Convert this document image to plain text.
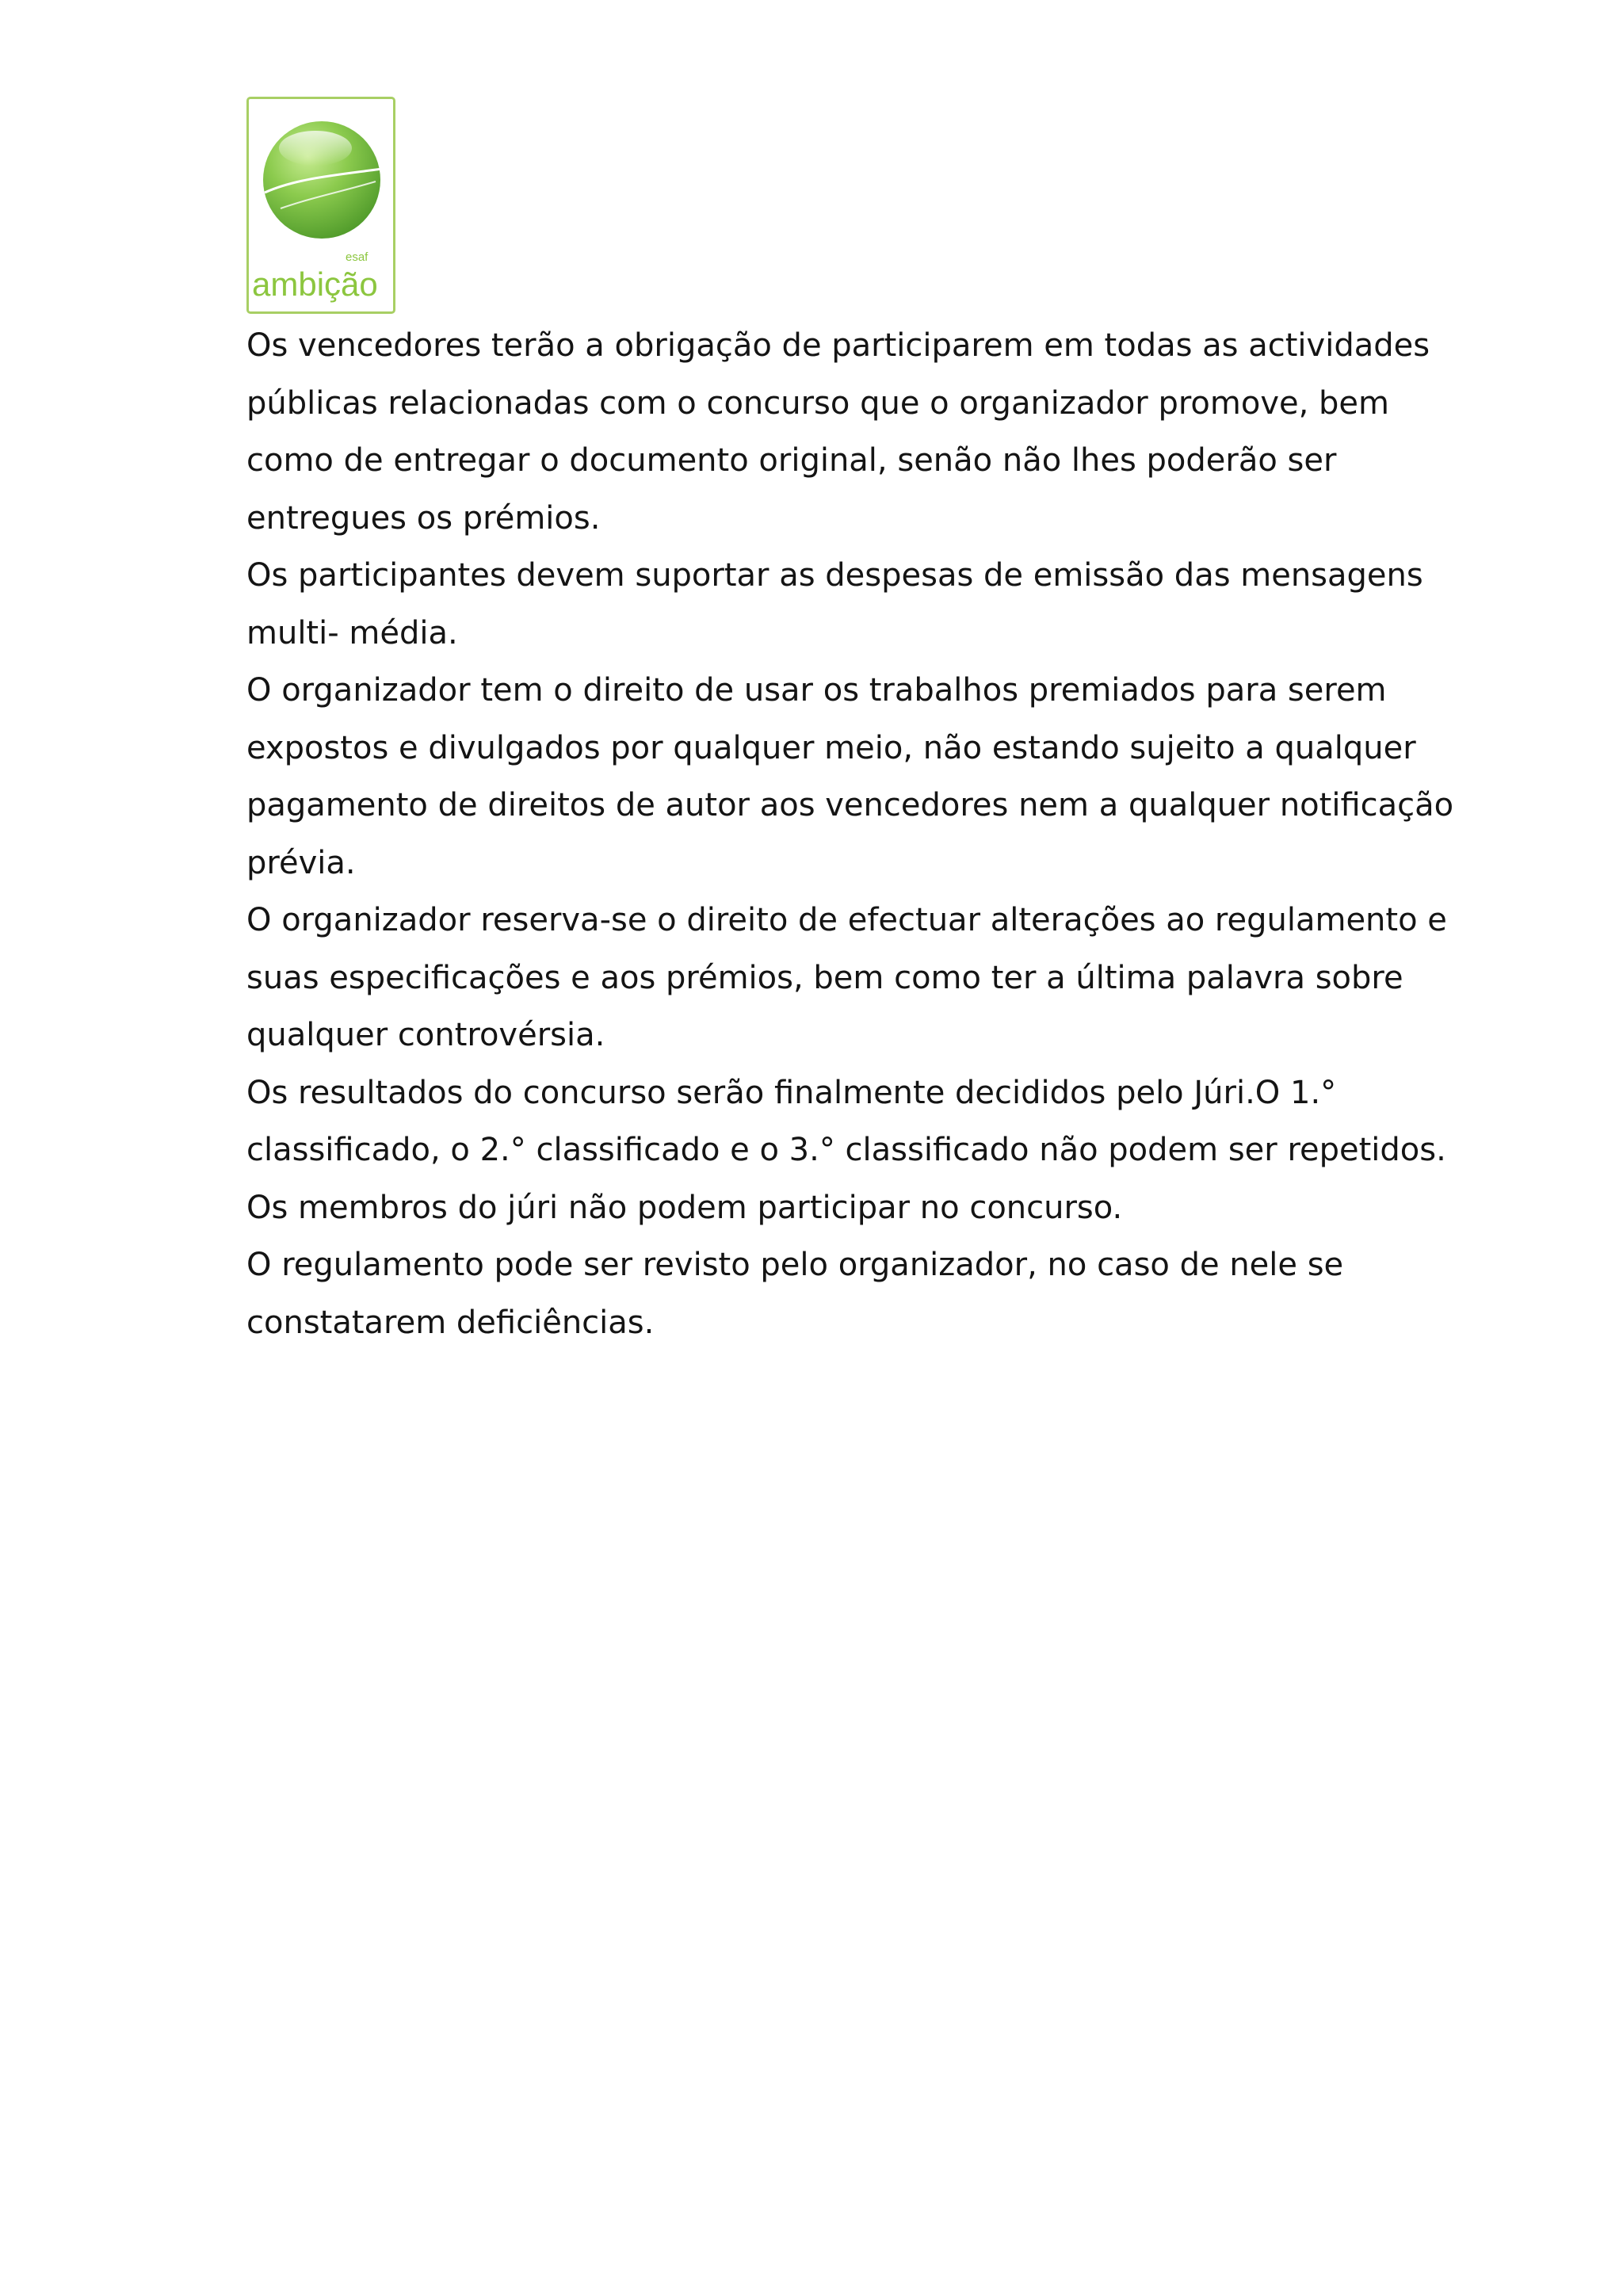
esaf
ambição
Os vencedores terão a obrigação de participarem em todas as actividades
públicas relacionadas com o concurso que o organizador promove, bem
como de entregar o documento original, senão não lhes poderão ser
entregues os prémios.
Os participantes devem suportar as despesas de emissão das mensagens
multi- média.
O organizador tem o direito de usar os trabalhos premiados para serem
expostos e divulgados por qualquer meio, não estando sujeito a qualquer
pagamento de direitos de autor aos vencedores nem a qualquer notificação
prévia.
O organizador reserva-se o direito de efectuar alterações ao regulamento e
suas especificações e aos prémios, bem como ter a última palavra sobre
qualquer controvérsia.
Os resultados do concurso serão finalmente decididos pelo Júri.O 1.°
classificado, o 2.° classificado e o 3.° classificado não podem ser repetidos.
Os membros do júri não podem participar no concurso.
O regulamento pode ser revisto pelo organizador, no caso de nele se
constatarem deficiências.
